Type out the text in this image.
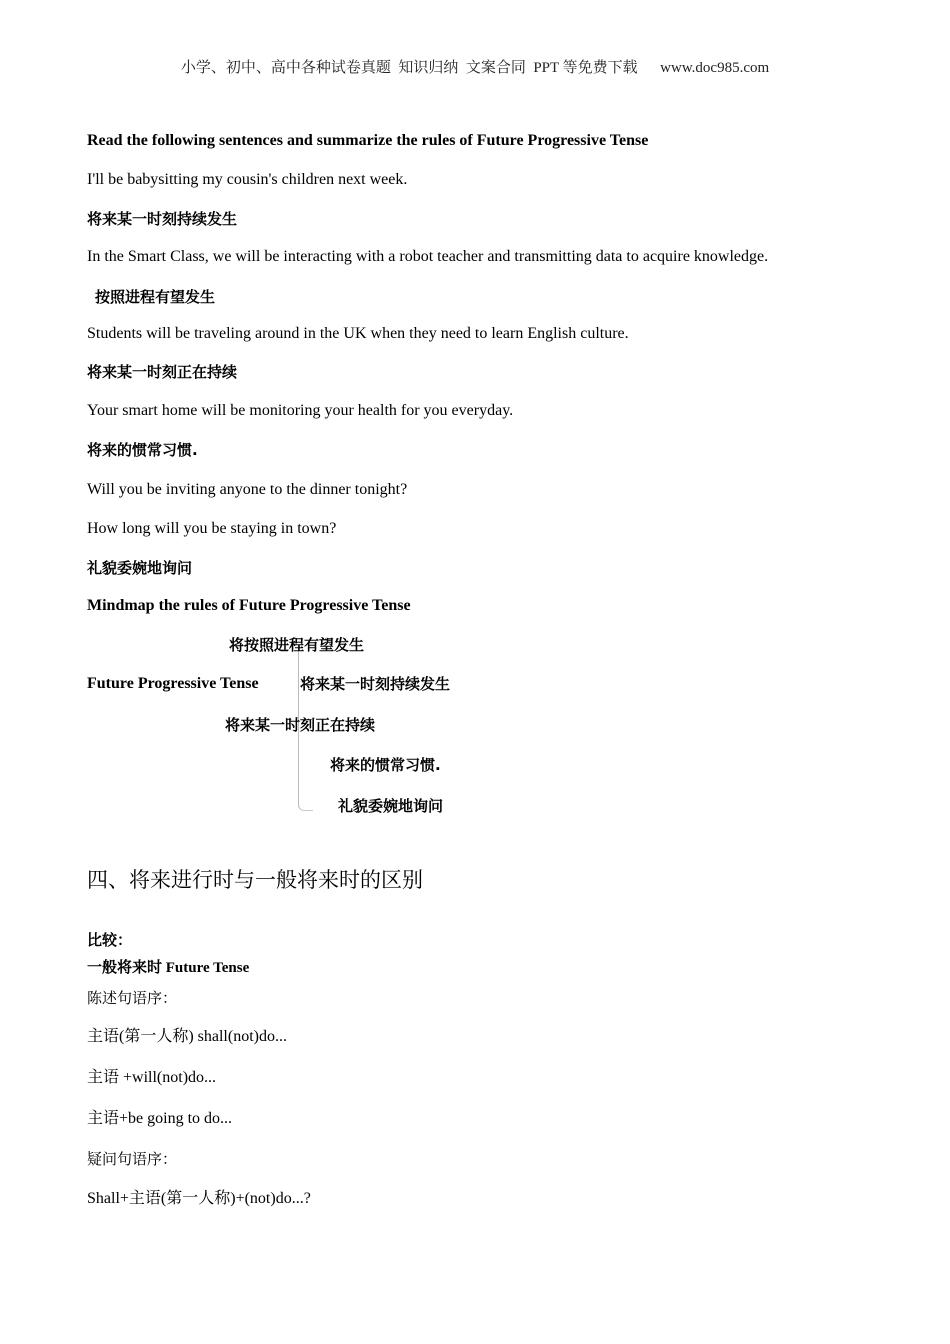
小学、初中、高中各种试卷真题  知识归纳  文案合同  PPT 等免费下载      www.doc985.com
Read the following sentences and summarize the rules of Future Progressive Tense
I'll be babysitting my cousin's children next week.
将来某一时刻持续发生
In the Smart Class, we will be interacting with a robot teacher and transmitting data to acquire knowledge.
按照进程有望发生
Students will be traveling around in the UK when they need to learn English culture.
将来某一时刻正在持续
Your smart home will be monitoring your health for you everyday.
将来的惯常习惯.
Will you be inviting anyone to the dinner tonight?
How long will you be staying in town?
礼貌委婉地询问
Mindmap the rules of Future Progressive Tense
Future Progressive Tense
将按照进程有望发生
将来某一时刻持续发生
将来某一时刻正在持续
将来的惯常习惯.
礼貌委婉地询问
四、将来进行时与一般将来时的区别
比较：
一般将来时 Future Tense
陈述句语序：
主语(第一人称) shall(not)do...
主语 +will(not)do...
主语+be going to do...
疑问句语序：
Shall+主语(第一人称)+(not)do...?
